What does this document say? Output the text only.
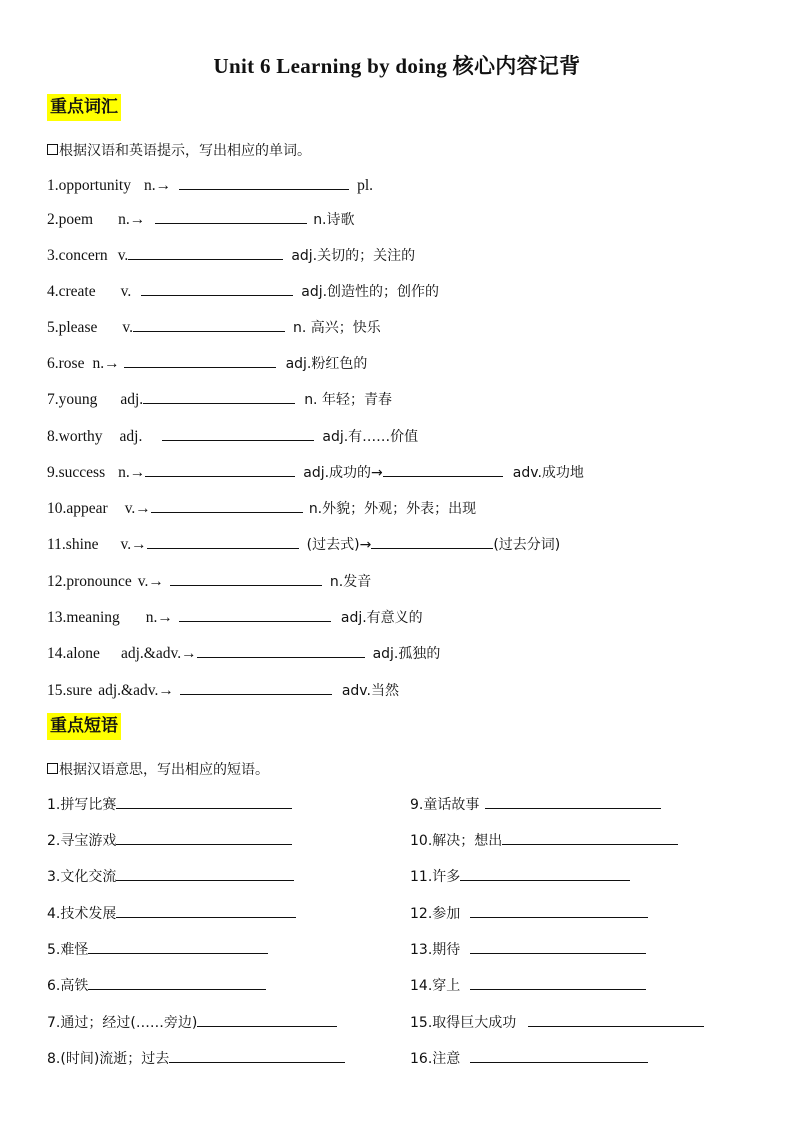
Unit 6 Learning by doing 核心内容记背
重点词汇
根据汉语和英语提示，写出相应的单词。
1.opportunity n.→	pl.
2.poem n.→	n.诗歌
3.concern v.	adj.关切的；关注的
4.create v.	adj.创造性的；创作的
5.please v.	n. 高兴；快乐
6.rose n.→	adj.粉红色的
7.young adj.	n. 年轻；青春
8.worthy adj.	adj.有……价值
9.success n.→	adj.成功的→	adv.成功地
10.appear v.→	n.外貌；外观；外表；出现
11.shine v.→	(过去式)→	(过去分词)
12.pronounce v.→	n.发音
13.meaning n.→	adj.有意义的
14.alone adj.&adv.→	adj.孤独的
15.sure adj.&adv.→	adv.当然
重点短语
根据汉语意思，写出相应的短语。
1.拼写比赛
2.寻宝游戏
3.文化交流
4.技术发展
5.难怪
6.高铁
7.通过；经过(……旁边)
8.(时间)流逝；过去
9.童话故事
10.解决；想出
11.许多
12.参加
13.期待
14.穿上
15.取得巨大成功
16.注意
